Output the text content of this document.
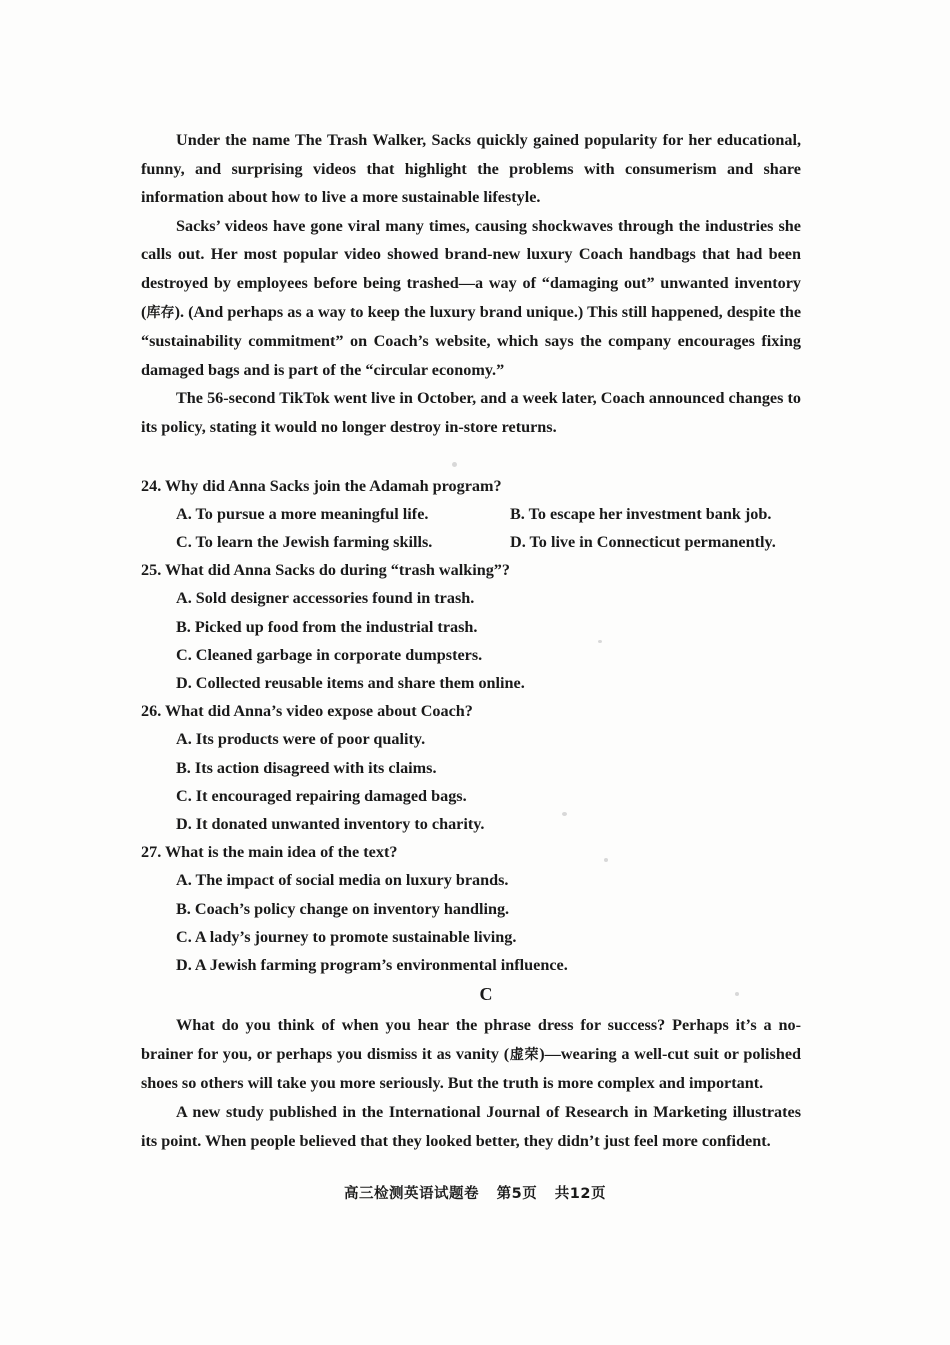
Under the name The Trash Walker, Sacks quickly gained popularity for her educational, funny, and surprising videos that highlight the problems with consumerism and share information about how to live a more sustainable lifestyle.

Sacks’ videos have gone viral many times, causing shockwaves through the industries she calls out. Her most popular video showed brand-new luxury Coach handbags that had been destroyed by employees before being trashed—a way of “damaging out” unwanted inventory (库存). (And perhaps as a way to keep the luxury brand unique.) This still happened, despite the “sustainability commitment” on Coach’s website, which says the company encourages fixing damaged bags and is part of the “circular economy.”

The 56-second TikTok went live in October, and a week later, Coach announced changes to its policy, stating it would no longer destroy in-store returns.

24. Why did Anna Sacks join the Adamah program?

A. To pursue a more meaningful life.	B. To escape her investment bank job.

C. To learn the Jewish farming skills.	D. To live in Connecticut permanently.

25. What did Anna Sacks do during “trash walking”?

A. Sold designer accessories found in trash.

B. Picked up food from the industrial trash.

C. Cleaned garbage in corporate dumpsters.

D. Collected reusable items and share them online.

26. What did Anna’s video expose about Coach?

A. Its products were of poor quality.

B. Its action disagreed with its claims.

C. It encouraged repairing damaged bags.

D. It donated unwanted inventory to charity.

27. What is the main idea of the text?

A. The impact of social media on luxury brands.

B. Coach’s policy change on inventory handling.

C. A lady’s journey to promote sustainable living.

D. A Jewish farming program’s environmental influence.

C

What do you think of when you hear the phrase dress for success? Perhaps it’s a no-brainer for you, or perhaps you dismiss it as vanity (虚荣)—wearing a well-cut suit or polished shoes so others will take you more seriously. But the truth is more complex and important.

A new study published in the International Journal of Research in Marketing illustrates its point. When people believed that they looked better, they didn’t just feel more confident.

高三检测英语试题卷 第5页 共12页
